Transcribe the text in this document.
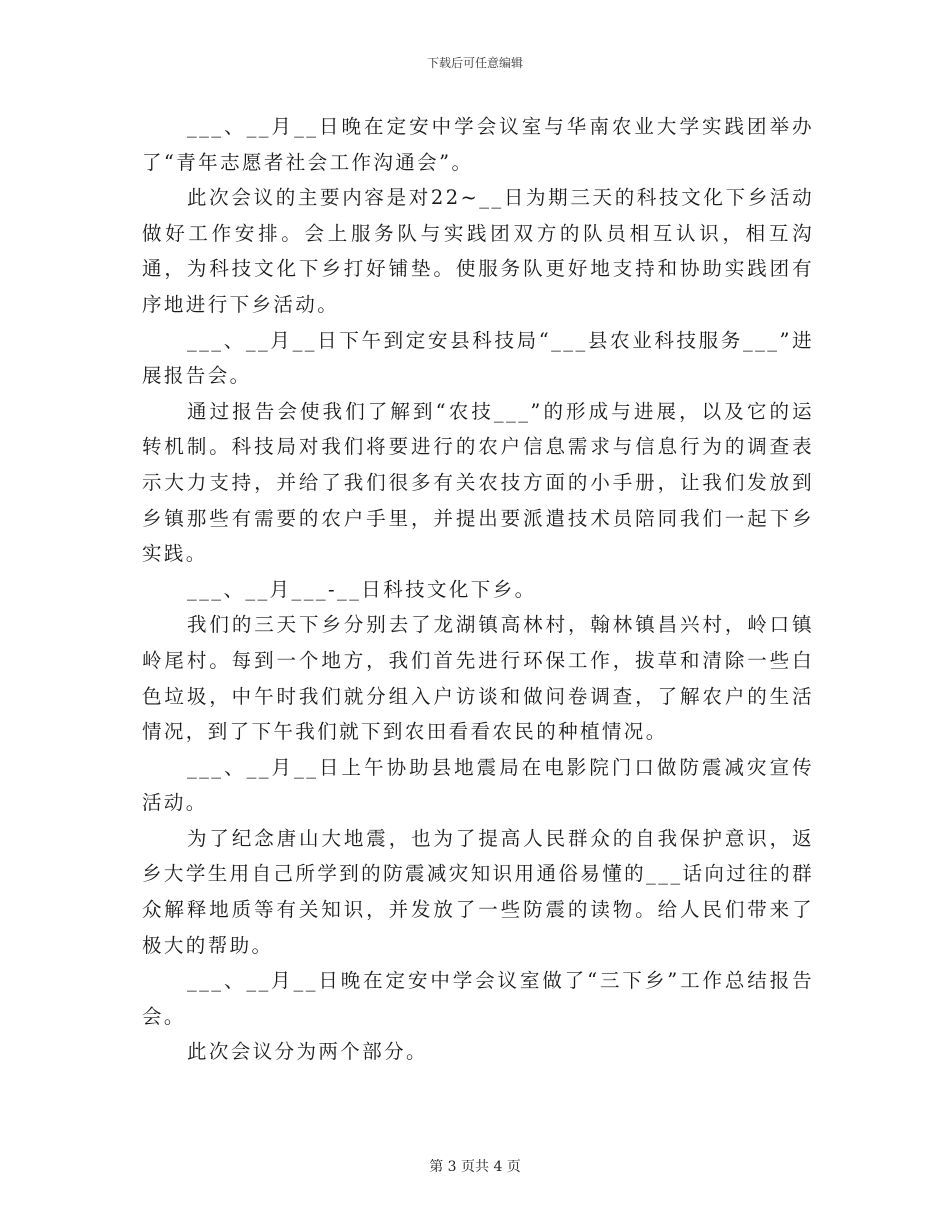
下载后可任意编辑

___、__月__日晚在定安中学会议室与华南农业大学实践团举办了“青年志愿者社会工作沟通会”。

此次会议的主要内容是对22~__日为期三天的科技文化下乡活动做好工作安排。会上服务队与实践团双方的队员相互认识，相互沟通，为科技文化下乡打好铺垫。使服务队更好地支持和协助实践团有序地进行下乡活动。

___、__月__日下午到定安县科技局“___县农业科技服务___”进展报告会。

通过报告会使我们了解到“农技___”的形成与进展，以及它的运转机制。科技局对我们将要进行的农户信息需求与信息行为的调查表示大力支持，并给了我们很多有关农技方面的小手册，让我们发放到乡镇那些有需要的农户手里，并提出要派遣技术员陪同我们一起下乡实践。

___、__月___-__日科技文化下乡。

我们的三天下乡分别去了龙湖镇高林村，翰林镇昌兴村，岭口镇岭尾村。每到一个地方，我们首先进行环保工作，拔草和清除一些白色垃圾，中午时我们就分组入户访谈和做问卷调查，了解农户的生活情况，到了下午我们就下到农田看看农民的种植情况。

___、__月__日上午协助县地震局在电影院门口做防震减灾宣传活动。

为了纪念唐山大地震，也为了提高人民群众的自我保护意识，返乡大学生用自己所学到的防震减灾知识用通俗易懂的___话向过往的群众解释地质等有关知识，并发放了一些防震的读物。给人民们带来了极大的帮助。

___、__月__日晚在定安中学会议室做了“三下乡”工作总结报告会。

此次会议分为两个部分。

第 3 页共 4 页
